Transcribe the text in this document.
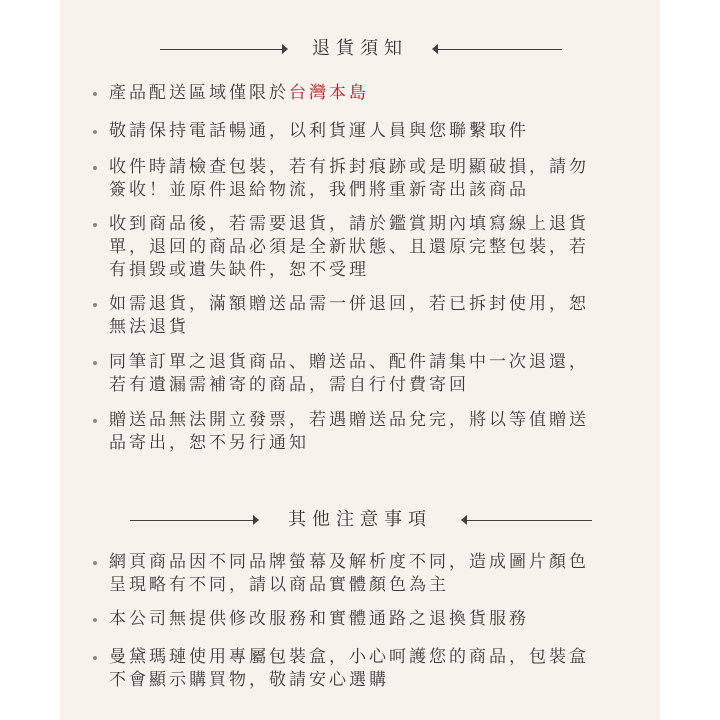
退貨須知
產品配送區域僅限於台灣本島
敬請保持電話暢通，以利貨運人員與您聯繫取件
收件時請檢查包裝，若有拆封痕跡或是明顯破損，請勿
簽收！並原件退給物流，我們將重新寄出該商品
收到商品後，若需要退貨，請於鑑賞期內填寫線上退貨
單，退回的商品必須是全新狀態、且還原完整包裝，若
有損毀或遺失缺件，恕不受理
如需退貨，滿額贈送品需一併退回，若已拆封使用，恕
無法退貨
同筆訂單之退貨商品、贈送品、配件請集中一次退還，
若有遺漏需補寄的商品，需自行付費寄回
贈送品無法開立發票，若遇贈送品兌完，將以等值贈送
品寄出，恕不另行通知
其他注意事項
網頁商品因不同品牌螢幕及解析度不同，造成圖片顏色
呈現略有不同，請以商品實體顏色為主
本公司無提供修改服務和實體通路之退換貨服務
曼黛瑪璉使用專屬包裝盒，小心呵護您的商品，包裝盒
不會顯示購買物，敬請安心選購
